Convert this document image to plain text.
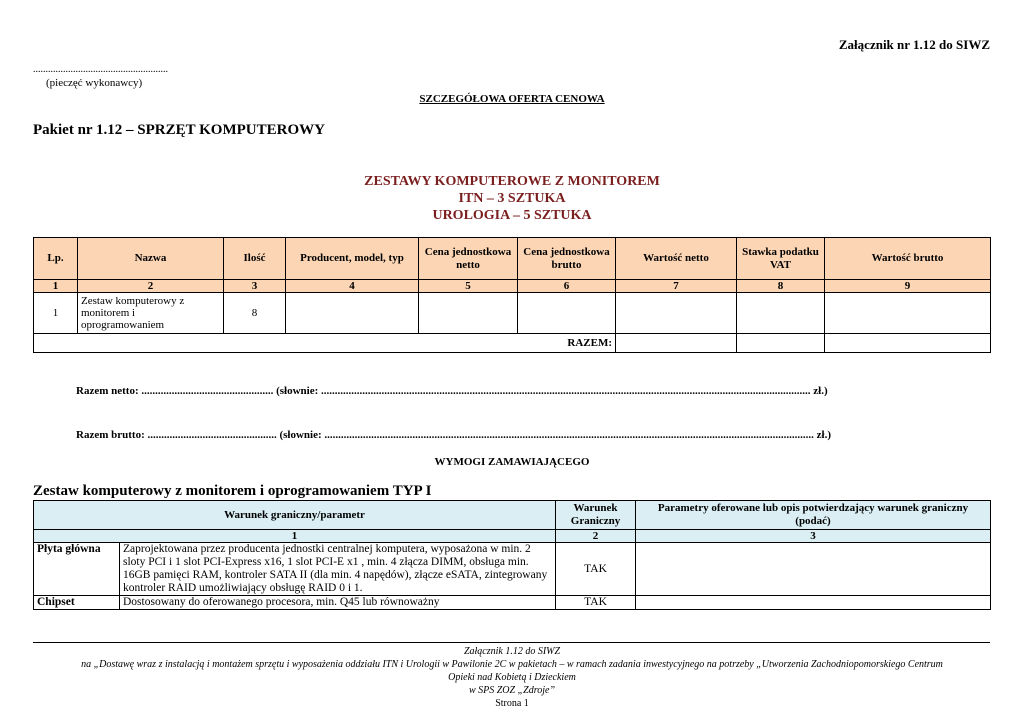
Załącznik nr 1.12 do SIWZ
......................................................
(pieczęć wykonawcy)
SZCZEGÓŁOWA OFERTA CENOWA
Pakiet nr 1.12 – SPRZĘT KOMPUTEROWY
ZESTAWY KOMPUTEROWE Z MONITOREM
ITN – 3 SZTUKA
UROLOGIA – 5 SZTUKA
Lp.	Nazwa	Ilość	Producent, model, typ	Cena jednostkowa netto	Cena jednostkowa brutto	Wartość netto	Stawka podatku VAT	Wartość brutto
1	2	3	4	5	6	7	8	9
1	Zestaw komputerowy z monitorem i oprogramowaniem	8						
RAZEM:								
Razem netto: ................................................ (słownie: .................................................................................................................................................................................. zł.)
Razem brutto: ............................................... (słownie: .................................................................................................................................................................................. zł.)
WYMOGI ZAMAWIAJĄCEGO
Zestaw komputerowy z monitorem i oprogramowaniem TYP I
Warunek graniczny/parametr		Warunek Graniczny	Parametry oferowane lub opis potwierdzający warunek graniczny (podać)
1		2	3
Płyta główna	Zaprojektowana przez producenta jednostki centralnej komputera, wyposażona w min. 2 sloty PCI i 1 slot PCI-Express x16, 1 slot PCI-E x1 , min. 4 złącza DIMM, obsługa min. 16GB pamięci RAM, kontroler SATA II (dla min. 4 napędów), złącze eSATA, zintegrowany kontroler RAID umożliwiający obsługę RAID 0 i 1.	TAK	
Chipset	Dostosowany do oferowanego procesora, min. Q45 lub równoważny	TAK	
Załącznik 1.12 do SIWZ
na „Dostawę wraz z instalacją i montażem sprzętu i wyposażenia oddziału ITN i Urologii w Pawilonie 2C w pakietach – w ramach zadania inwestycyjnego na potrzeby „Utworzenia Zachodniopomorskiego Centrum
Opieki nad Kobietą i Dzieckiem
w SPS ZOZ „Zdroje”
Strona 1
